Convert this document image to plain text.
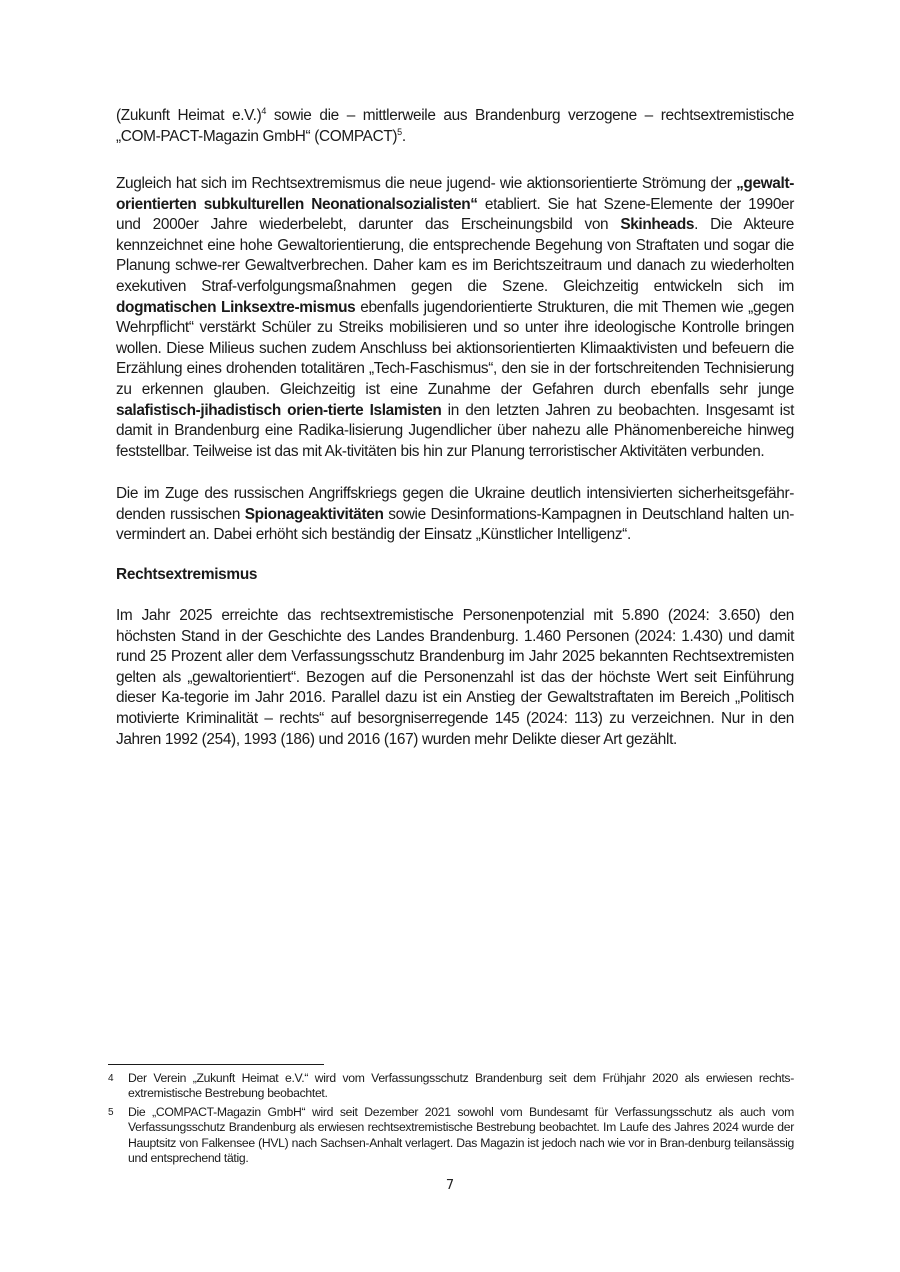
(Zukunft Heimat e.V.)$^4$ sowie die – mittlerweile aus Brandenburg verzogene – rechtsextremistische „COM-PACT-Magazin GmbH“ (COMPACT)$^5$.

Zugleich hat sich im Rechtsextremismus die neue jugend- wie aktionsorientierte Strömung der „gewalt-orientierten subkulturellen Neonationalsozialisten“ etabliert. Sie hat Szene-Elemente der 1990er und 2000er Jahre wiederbelebt, darunter das Erscheinungsbild von Skinheads. Die Akteure kennzeichnet eine hohe Gewaltorientierung, die entsprechende Begehung von Straftaten und sogar die Planung schwe-rer Gewaltverbrechen. Daher kam es im Berichtszeitraum und danach zu wiederholten exekutiven Straf-verfolgungsmaßnahmen gegen die Szene. Gleichzeitig entwickeln sich im dogmatischen Linksextre-mismus ebenfalls jugendorientierte Strukturen, die mit Themen wie „gegen Wehrpflicht“ verstärkt Schüler zu Streiks mobilisieren und so unter ihre ideologische Kontrolle bringen wollen. Diese Milieus suchen zudem Anschluss bei aktionsorientierten Klimaaktivisten und befeuern die Erzählung eines drohenden totalitären „Tech-Faschismus“, den sie in der fortschreitenden Technisierung zu erkennen glauben. Gleichzeitig ist eine Zunahme der Gefahren durch ebenfalls sehr junge salafistisch-jihadistisch orien-tierte Islamisten in den letzten Jahren zu beobachten. Insgesamt ist damit in Brandenburg eine Radika-lisierung Jugendlicher über nahezu alle Phänomenbereiche hinweg feststellbar. Teilweise ist das mit Ak-tivitäten bis hin zur Planung terroristischer Aktivitäten verbunden.

Die im Zuge des russischen Angriffskriegs gegen die Ukraine deutlich intensivierten sicherheitsgefähr-denden russischen Spionageaktivitäten sowie Desinformations-Kampagnen in Deutschland halten un-vermindert an. Dabei erhöht sich beständig der Einsatz „Künstlicher Intelligenz“.

Rechtsextremismus

Im Jahr 2025 erreichte das rechtsextremistische Personenpotenzial mit 5.890 (2024: 3.650) den höchsten Stand in der Geschichte des Landes Brandenburg. 1.460 Personen (2024: 1.430) und damit rund 25 Prozent aller dem Verfassungsschutz Brandenburg im Jahr 2025 bekannten Rechtsextremisten gelten als „gewaltorientiert“. Bezogen auf die Personenzahl ist das der höchste Wert seit Einführung dieser Ka-tegorie im Jahr 2016. Parallel dazu ist ein Anstieg der Gewaltstraftaten im Bereich „Politisch motivierte Kriminalität – rechts“ auf besorgniserregende 145 (2024: 113) zu verzeichnen. Nur in den Jahren 1992 (254), 1993 (186) und 2016 (167) wurden mehr Delikte dieser Art gezählt.

4	Der Verein „Zukunft Heimat e.V.“ wird vom Verfassungsschutz Brandenburg seit dem Frühjahr 2020 als erwiesen rechts-extremistische Bestrebung beobachtet.
5	Die „COMPACT-Magazin GmbH“ wird seit Dezember 2021 sowohl vom Bundesamt für Verfassungsschutz als auch vom Verfassungsschutz Brandenburg als erwiesen rechtsextremistische Bestrebung beobachtet. Im Laufe des Jahres 2024 wurde der Hauptsitz von Falkensee (HVL) nach Sachsen-Anhalt verlagert. Das Magazin ist jedoch nach wie vor in Bran-denburg teilansässig und entsprechend tätig.
7
